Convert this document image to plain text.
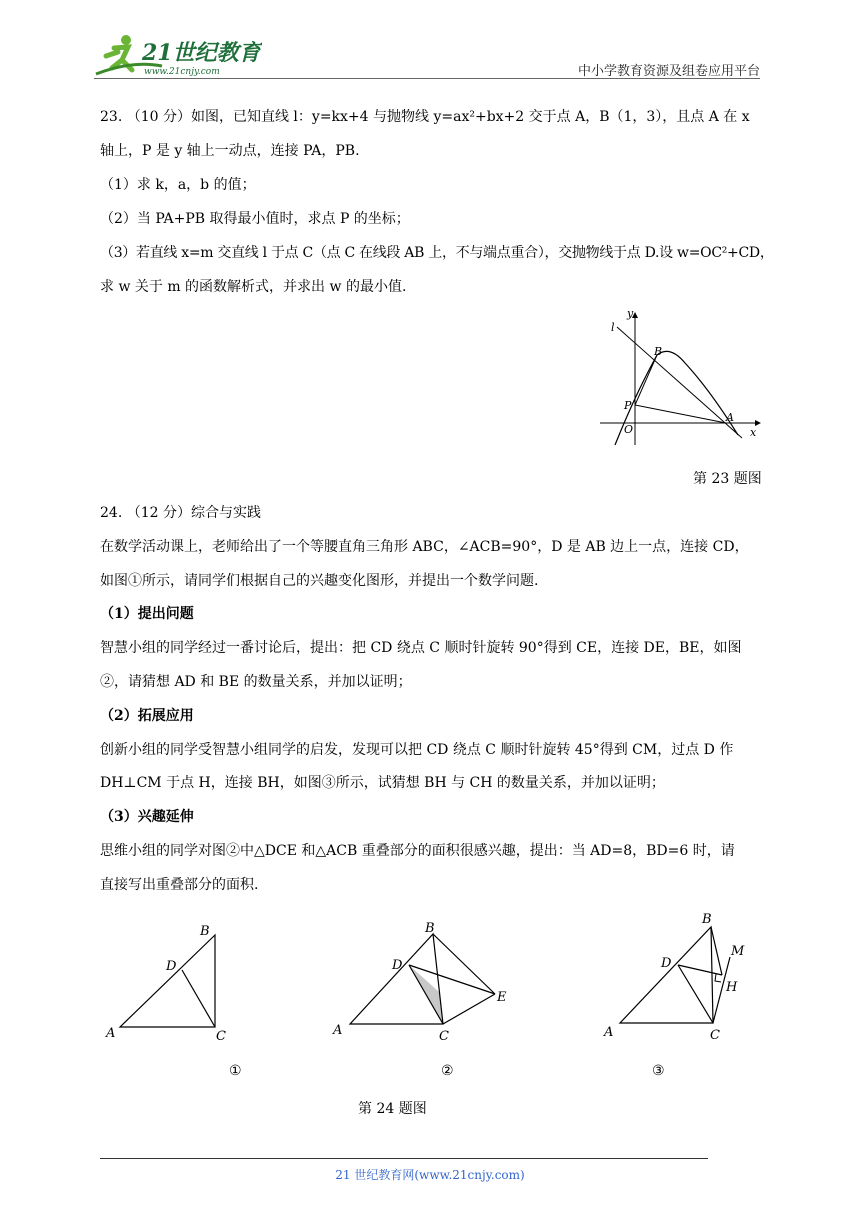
21世纪教育
www.21cnjy.com	中小学教育资源及组卷应用平台
23. （10 分）如图，已知直线 l：y=kx+4 与抛物线 y=ax²+bx+2 交于点 A，B（1，3），且点 A 在 x
轴上，P 是 y 轴上一动点，连接 PA，PB.
（1）求 k，a，b 的值；
（2）当 PA+PB 取得最小值时，求点 P 的坐标；
（3）若直线 x=m 交直线 l 于点 C（点 C 在线段 AB 上，不与端点重合），交抛物线于点 D.设 w=OC²+CD，
求 w 关于 m 的函数解析式，并求出 w 的最小值.
y
l
B
P
O
A
x
第 23 题图
24. （12 分）综合与实践
在数学活动课上，老师给出了一个等腰直角三角形 ABC，∠ACB=90°，D 是 AB 边上一点，连接 CD，
如图①所示，请同学们根据自己的兴趣变化图形，并提出一个数学问题.
（1）提出问题
智慧小组的同学经过一番讨论后，提出：把 CD 绕点 C 顺时针旋转 90°得到 CE，连接 DE，BE，如图
②，请猜想 AD 和 BE 的数量关系，并加以证明；
（2）拓展应用
创新小组的同学受智慧小组同学的启发，发现可以把 CD 绕点 C 顺时针旋转 45°得到 CM，过点 D 作
DH⊥CM 于点 H，连接 BH，如图③所示，试猜想 BH 与 CH 的数量关系，并加以证明；
（3）兴趣延伸
思维小组的同学对图②中△DCE 和△ACB 重叠部分的面积很感兴趣，提出：当 AD=8，BD=6 时，请
直接写出重叠部分的面积.
B
D
A	C
①
B
D
E
A	C
②
B
M
D
H
A	C
③
第 24 题图
21 世纪教育网(www.21cnjy.com)
